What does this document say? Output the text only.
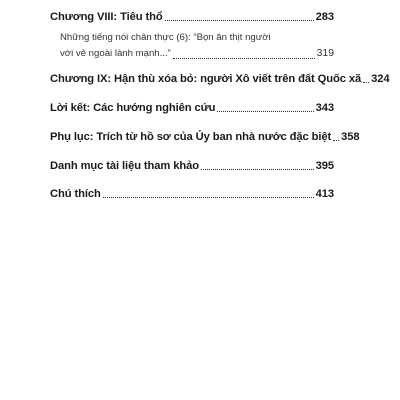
Chương VIII: Tiêu thổ	283
Những tiếng nói chân thực (6): “Bọn ăn thịt người
với vẻ ngoài lành mạnh...”	319
Chương IX: Hận thù xóa bỏ: người Xô viết trên đất Quốc xã 324
Lời kết: Các hướng nghiên cứu	343
Phụ lục: Trích từ hồ sơ của Ủy ban nhà nước đặc biệt 358
Danh mục tài liệu tham khảo	395
Chú thích	413
